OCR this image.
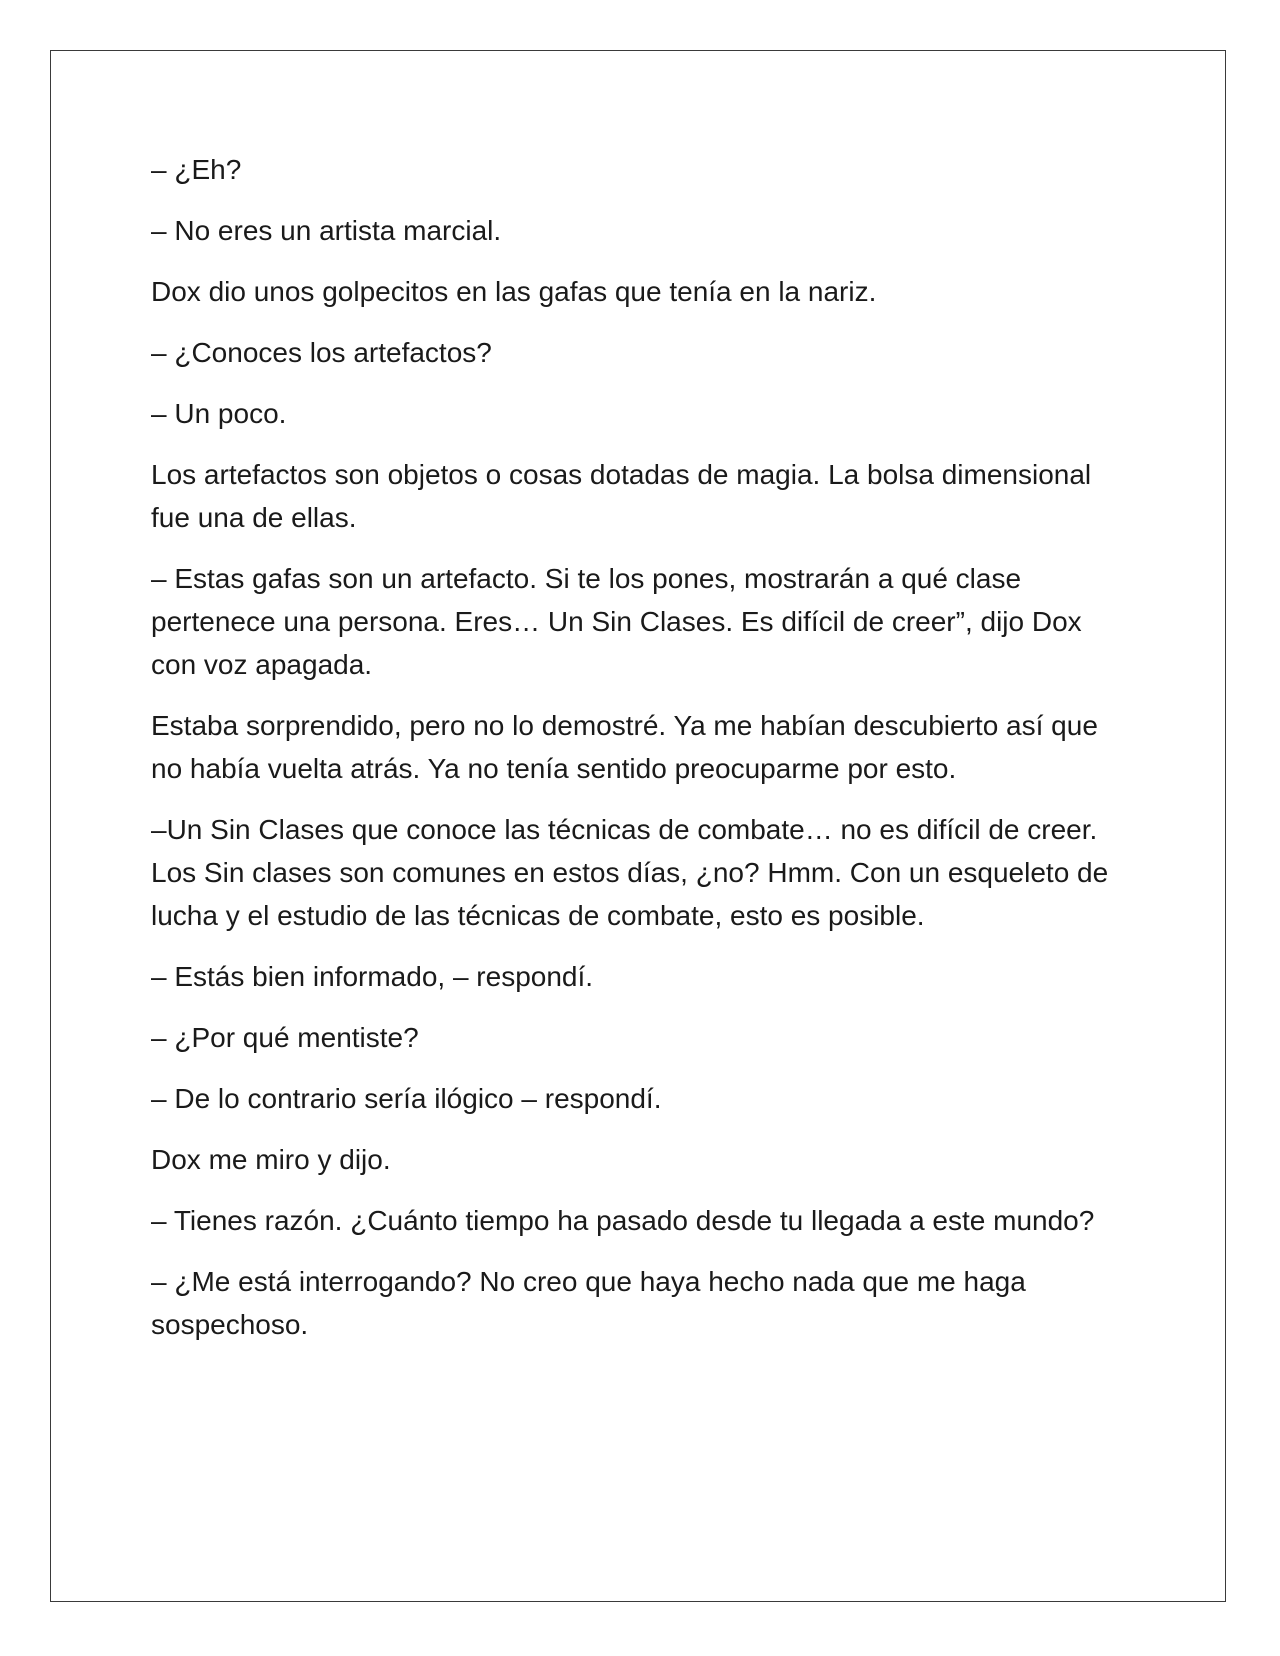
– ¿Eh?

– No eres un artista marcial.

Dox dio unos golpecitos en las gafas que tenía en la nariz.

– ¿Conoces los artefactos?

– Un poco.

Los artefactos son objetos o cosas dotadas de magia. La bolsa dimensional fue una de ellas.

– Estas gafas son un artefacto. Si te los pones, mostrarán a qué clase pertenece una persona. Eres… Un Sin Clases. Es difícil de creer”, dijo Dox con voz apagada.

Estaba sorprendido, pero no lo demostré. Ya me habían descubierto así que no había vuelta atrás. Ya no tenía sentido preocuparme por esto.

–Un Sin Clases que conoce las técnicas de combate… no es difícil de creer. Los Sin clases son comunes en estos días, ¿no? Hmm. Con un esqueleto de lucha y el estudio de las técnicas de combate, esto es posible.

– Estás bien informado, – respondí.

– ¿Por qué mentiste?

– De lo contrario sería ilógico – respondí.

Dox me miro y dijo.

– Tienes razón. ¿Cuánto tiempo ha pasado desde tu llegada a este mundo?

– ¿Me está interrogando? No creo que haya hecho nada que me haga sospechoso.
